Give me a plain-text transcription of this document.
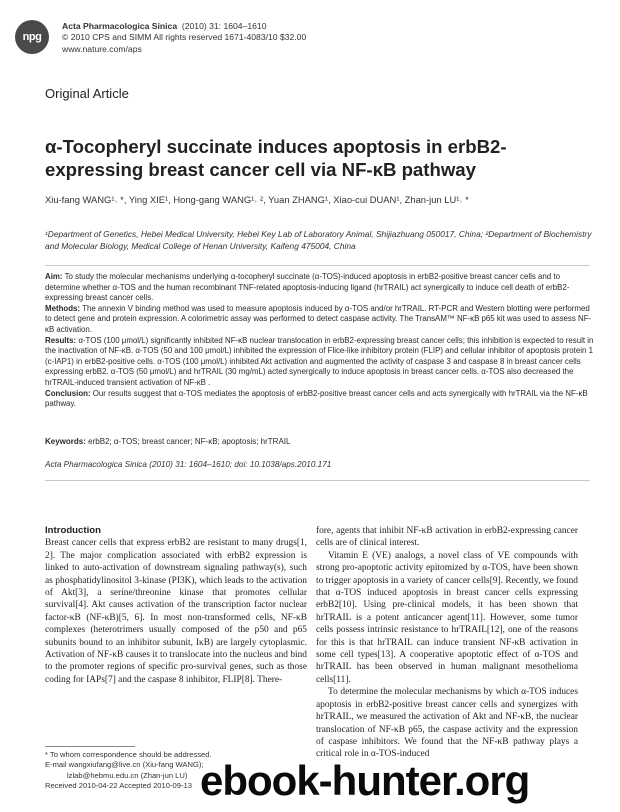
npg
Acta Pharmacologica Sinica (2010) 31: 1604–1610
© 2010 CPS and SIMM All rights reserved 1671-4083/10 $32.00
www.nature.com/aps
Original Article
α-Tocopheryl succinate induces apoptosis in erbB2-expressing breast cancer cell via NF-κB pathway
Xiu-fang WANG¹˒ *, Ying XIE¹, Hong-gang WANG¹˒ ², Yuan ZHANG¹, Xiao-cui DUAN¹, Zhan-jun LU¹˒ *
¹Department of Genetics, Hebei Medical University, Hebei Key Lab of Laboratory Animal, Shijiazhuang 050017, China; ²Department of Biochemistry and Molecular Biology, Medical College of Henan University, Kaifeng 475004, China

Aim: To study the molecular mechanisms underlying α-tocopheryl succinate (α-TOS)-induced apoptosis in erbB2-positive breast cancer cells and to determine whether α-TOS and the human recombinant TNF-related apoptosis-inducing ligand (hrTRAIL) act synergically to induce cell death of erbB2-expressing breast cancer cells.

Methods: The annexin V binding method was used to measure apoptosis induced by α-TOS and/or hrTRAIL. RT-PCR and Western blotting were performed to detect gene and protein expression. A colorimetric assay was performed to detect caspase activity. The TransAM™ NF-κB p65 kit was used to assess NF-κB activation.

Results: α-TOS (100 μmol/L) significantly inhibited NF-κB nuclear translocation in erbB2-expressing breast cancer cells; this inhibition is expected to result in the inactivation of NF-κB. α-TOS (50 and 100 μmol/L) inhibited the expression of Flice-like inhibitory protein (FLIP) and cellular inhibitor of apoptosis protein 1 (c-IAP1) in erbB2-positive cells. α-TOS (100 μmol/L) inhibited Akt activation and augmented the activity of caspase 3 and caspase 8 in breast cancer cells expressing erbB2. α-TOS (50 μmol/L) and hrTRAIL (30 mg/mL) acted synergically to induce apoptosis in breast cancer cells. α-TOS also decreased the hrTRAIL-induced transient activation of NF-κB .

Conclusion: Our results suggest that α-TOS mediates the apoptosis of erbB2-positive breast cancer cells and acts synergically with hrTRAIL via the NF-κB pathway.

Keywords: erbB2; α-TOS; breast cancer; NF-κB; apoptosis; hrTRAIL
Acta Pharmacologica Sinica (2010) 31: 1604–1610; doi: 10.1038/aps.2010.171

Introduction

Breast cancer cells that express erbB2 are resistant to many drugs[1, 2]. The major complication associated with erbB2 expression is linked to auto-activation of downstream signaling pathway(s), such as phosphatidylinositol 3-kinase (PI3K), which leads to the activation of Akt[3], a serine/threonine kinase that promotes cellular survival[4]. Akt causes activation of the transcription factor nuclear factor-κB (NF-κB)[5, 6]. In most non-transformed cells, NF-κB complexes (heterotrimers usually composed of the p50 and p65 subunits bound to an inhibitor subunit, IκB) are largely cytoplasmic. Activation of NF-κB causes it to translocate into the nucleus and bind to the promoter regions of specific pro-survival genes, such as those coding for IAPs[7] and the caspase 8 inhibitor, FLIP[8]. There-

fore, agents that inhibit NF-κB activation in erbB2-expressing cancer cells are of clinical interest.

Vitamin E (VE) analogs, a novel class of VE compounds with strong pro-apoptotic activity epitomized by α-TOS, have been shown to trigger apoptosis in a variety of cancer cells[9]. Recently, we found that α-TOS induced apoptosis in breast cancer cells expressing erbB2[10]. Using pre-clinical models, it has been shown that hrTRAIL is a potent anticancer agent[11]. However, some tumor cells possess intrinsic resistance to hrTRAIL[12], one of the reasons for this is that hrTRAIL can induce transient NF-κB activation in some cell types[13]. A cooperative apoptotic effect of α-TOS and hrTRAIL has been observed in human malignant mesothelioma cells[11].

To determine the molecular mechanisms by which α-TOS induces apoptosis in erbB2-positive breast cancer cells and synergizes with hrTRAIL, we measured the activation of Akt and NF-κB, the nuclear translocation of NF-κB p65, the caspase activity and the expression of caspase inhibitors. We found that the NF-κB pathway plays a critical role in α-TOS-induced

* To whom correspondence should be addressed.
E-mail wangxiufang@live.cn (Xiu-fang WANG);
lzlab@hebmu.edu.cn (Zhan-jun LU)
Received 2010-04-22 Accepted 2010-09-13 ebook-hunter.org
